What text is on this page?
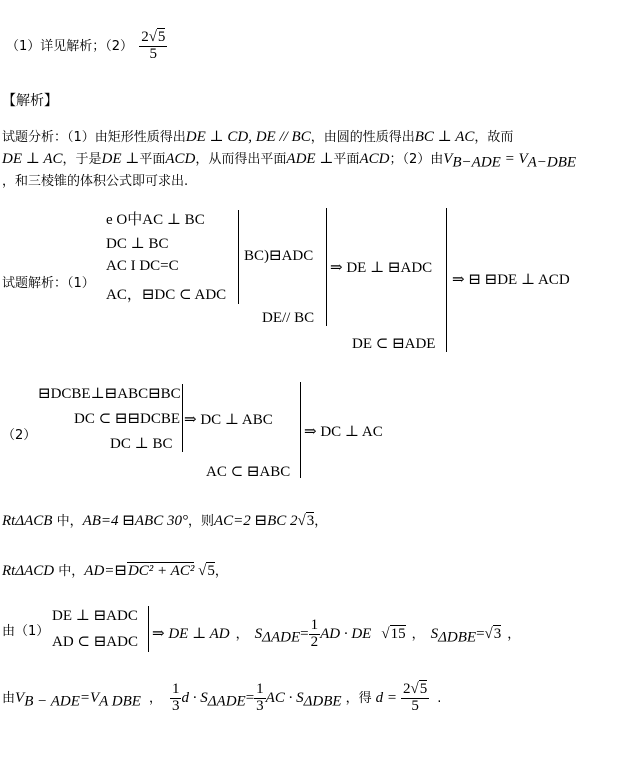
（1）详见解析；$(2) \frac{2√5}{5}$
【解析】
试题分析：（1）由矩形性质得出DE ⊥ CD, DE // BC，由圆的性质得出BC ⊥ AC，故而
DE ⊥ AC，于是DE ⊥平面ACD，从而得出平面ADE ⊥平面ACD；（2）由$V_{B-ADE} = V_{A-DBE}$
，和三棱锥的体积公式即可求出.
试题解析：（1）
e O中AC ⊥ BC
DC ⊥ BC
AC I DC=C
AC，⊟DC ⊂ ADC
BC)⊟ADC
DE// BC
⇒ DE ⊥ ⊟ADC
DE ⊂ ⊟ADE
⇒ ⊟ ⊟DE ⊥ ACD
（2）
⊟DCBE⊥⊟ABC⊟BC
DC ⊂ ⊟⊟DCBE
DC ⊥ BC
⇒ DC ⊥ ABC
AC ⊂ ⊟ABC
⇒ DC ⊥ AC
RtΔACB 中，AB=4 ⊟ABC 30°，则AC=2 ⊟BC 2√3，
RtΔACD 中，AD=⊟DC² + AC² √5，
由（1）
DE ⊥ ⊟ADC
AD ⊂ ⊟ADC
⇒ DE ⊥ AD ， $S_{\Delta ADE}= \frac{1}{2}$ AD · DE √15 ， $S_{\Delta DBE}=√3$ ，
由$V_{B - ADE}=V_{A DBE}$ ， $\frac{1}{3}$ $d \cdot S_{\Delta ADE}= \frac{1}{3}$ AC · $S_{\Delta DBE}$ ，得 $d = \frac{2√5}{5}$ .
